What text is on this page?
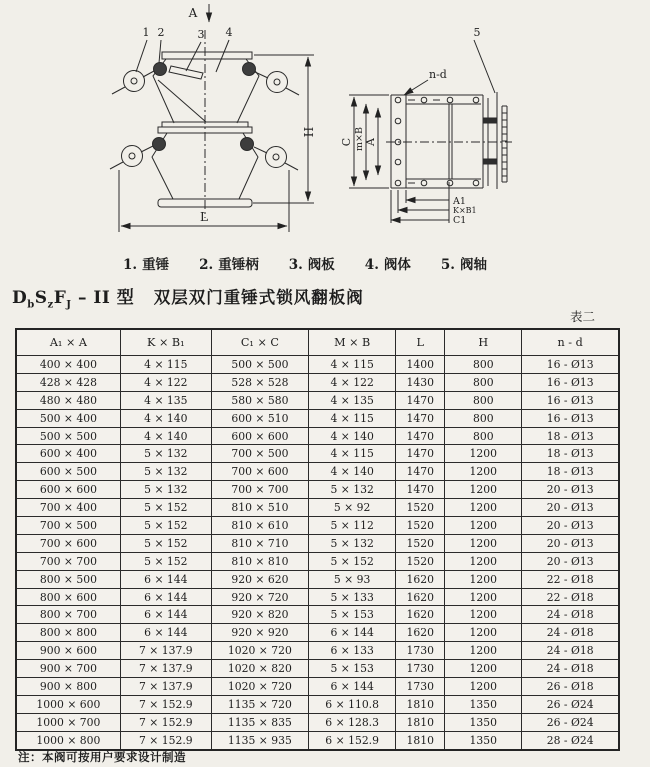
A
1 2	3 4
H
L
5
n-d
C m×B A
A1
K×B1
C1
1. 重锤 2. 重锤柄 3. 阀板 4. 阀体 5. 阀轴
$D_bS_zF_J$ – II 型 双层双门重锤式锁风翻板阀
表二
A₁ × A	K × B₁	C₁ × C	M × B	L	H	n - d
400 × 400	4 × 115	500 × 500	4 × 115	1400	800	16 - Ø13
428 × 428	4 × 122	528 × 528	4 × 122	1430	800	16 - Ø13
480 × 480	4 × 135	580 × 580	4 × 135	1470	800	16 - Ø13
500 × 400	4 × 140	600 × 510	4 × 115	1470	800	16 - Ø13
500 × 500	4 × 140	600 × 600	4 × 140	1470	800	18 - Ø13
600 × 400	5 × 132	700 × 500	4 × 115	1470	1200	18 - Ø13
600 × 500	5 × 132	700 × 600	4 × 140	1470	1200	18 - Ø13
600 × 600	5 × 132	700 × 700	5 × 132	1470	1200	20 - Ø13
700 × 400	5 × 152	810 × 510	5 × 92	1520	1200	20 - Ø13
700 × 500	5 × 152	810 × 610	5 × 112	1520	1200	20 - Ø13
700 × 600	5 × 152	810 × 710	5 × 132	1520	1200	20 - Ø13
700 × 700	5 × 152	810 × 810	5 × 152	1520	1200	20 - Ø13
800 × 500	6 × 144	920 × 620	5 × 93	1620	1200	22 - Ø18
800 × 600	6 × 144	920 × 720	5 × 133	1620	1200	22 - Ø18
800 × 700	6 × 144	920 × 820	5 × 153	1620	1200	24 - Ø18
800 × 800	6 × 144	920 × 920	6 × 144	1620	1200	24 - Ø18
900 × 600	7 × 137.9	1020 × 720	6 × 133	1730	1200	24 - Ø18
900 × 700	7 × 137.9	1020 × 820	5 × 153	1730	1200	24 - Ø18
900 × 800	7 × 137.9	1020 × 720	6 × 144	1730	1200	26 - Ø18
1000 × 600	7 × 152.9	1135 × 720	6 × 110.8	1810	1350	26 - Ø24
1000 × 700	7 × 152.9	1135 × 835	6 × 128.3	1810	1350	26 - Ø24
1000 × 800	7 × 152.9	1135 × 935	6 × 152.9	1810	1350	28 - Ø24
注：本阀可按用户要求设计制造
